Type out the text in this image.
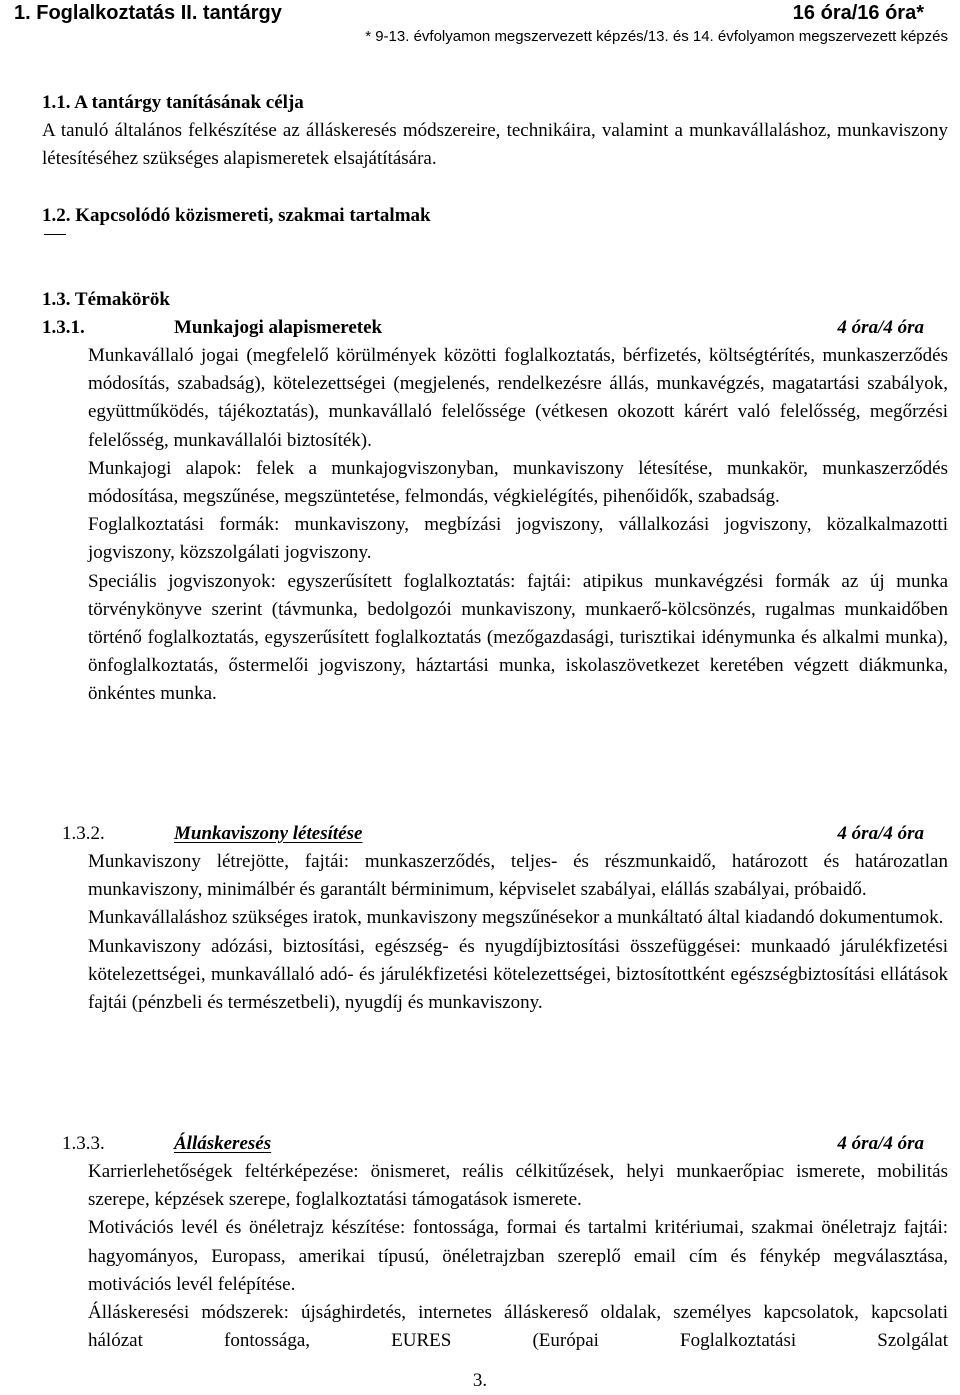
1. Foglalkoztatás II. tantárgy	16 óra/16 óra*
* 9-13. évfolyamon megszervezett képzés/13. és 14. évfolyamon megszervezett képzés
1.1. A tantárgy tanításának célja

A tanuló általános felkészítése az álláskeresés módszereire, technikáira, valamint a munkavállaláshoz, munkaviszony létesítéséhez szükséges alapismeretek elsajátítására.

1.2. Kapcsolódó közismereti, szakmai tartalmak
1.3. Témakörök
1.3.1.	Munkajogi alapismeretek	4 óra/4 óra

Munkavállaló jogai (megfelelő körülmények közötti foglalkoztatás, bérfizetés, költségtérítés, munkaszerződés módosítás, szabadság), kötelezettségei (megjelenés, rendelkezésre állás, munkavégzés, magatartási szabályok, együttműködés, tájékoztatás), munkavállaló felelőssége (vétkesen okozott kárért való felelősség, megőrzési felelősség, munkavállalói biztosíték).

Munkajogi alapok: felek a munkajogviszonyban, munkaviszony létesítése, munkakör, munkaszerződés módosítása, megszűnése, megszüntetése, felmondás, végkielégítés, pihenőidők, szabadság.

Foglalkoztatási formák: munkaviszony, megbízási jogviszony, vállalkozási jogviszony, közalkalmazotti jogviszony, közszolgálati jogviszony.

Speciális jogviszonyok: egyszerűsített foglalkoztatás: fajtái: atipikus munkavégzési formák az új munka törvénykönyve szerint (távmunka, bedolgozói munkaviszony, munkaerő-kölcsönzés, rugalmas munkaidőben történő foglalkoztatás, egyszerűsített foglalkoztatás (mezőgazdasági, turisztikai idénymunka és alkalmi munka), önfoglalkoztatás, őstermelői jogviszony, háztartási munka, iskolaszövetkezet keretében végzett diákmunka, önkéntes munka.

1.3.2.	Munkaviszony létesítése	4 óra/4 óra

Munkaviszony létrejötte, fajtái: munkaszerződés, teljes- és részmunkaidő, határozott és határozatlan munkaviszony, minimálbér és garantált bérminimum, képviselet szabályai, elállás szabályai, próbaidő.

Munkavállaláshoz szükséges iratok, munkaviszony megszűnésekor a munkáltató által kiadandó dokumentumok.

Munkaviszony adózási, biztosítási, egészség- és nyugdíjbiztosítási összefüggései: munkaadó járulékfizetési kötelezettségei, munkavállaló adó- és járulékfizetési kötelezettségei, biztosítottként egészségbiztosítási ellátások fajtái (pénzbeli és természetbeli), nyugdíj és munkaviszony.

1.3.3.	Álláskeresés	4 óra/4 óra

Karrierlehetőségek feltérképezése: önismeret, reális célkitűzések, helyi munkaerőpiac ismerete, mobilitás szerepe, képzések szerepe, foglalkoztatási támogatások ismerete.

Motivációs levél és önéletrajz készítése: fontossága, formai és tartalmi kritériumai, szakmai önéletrajz fajtái: hagyományos, Europass, amerikai típusú, önéletrajzban szereplő email cím és fénykép megválasztása, motivációs levél felépítése.

Álláskeresési módszerek: újsághirdetés, internetes álláskereső oldalak, személyes kapcsolatok, kapcsolati hálózat fontossága, EURES (Európai Foglalkoztatási Szolgálat

3.
